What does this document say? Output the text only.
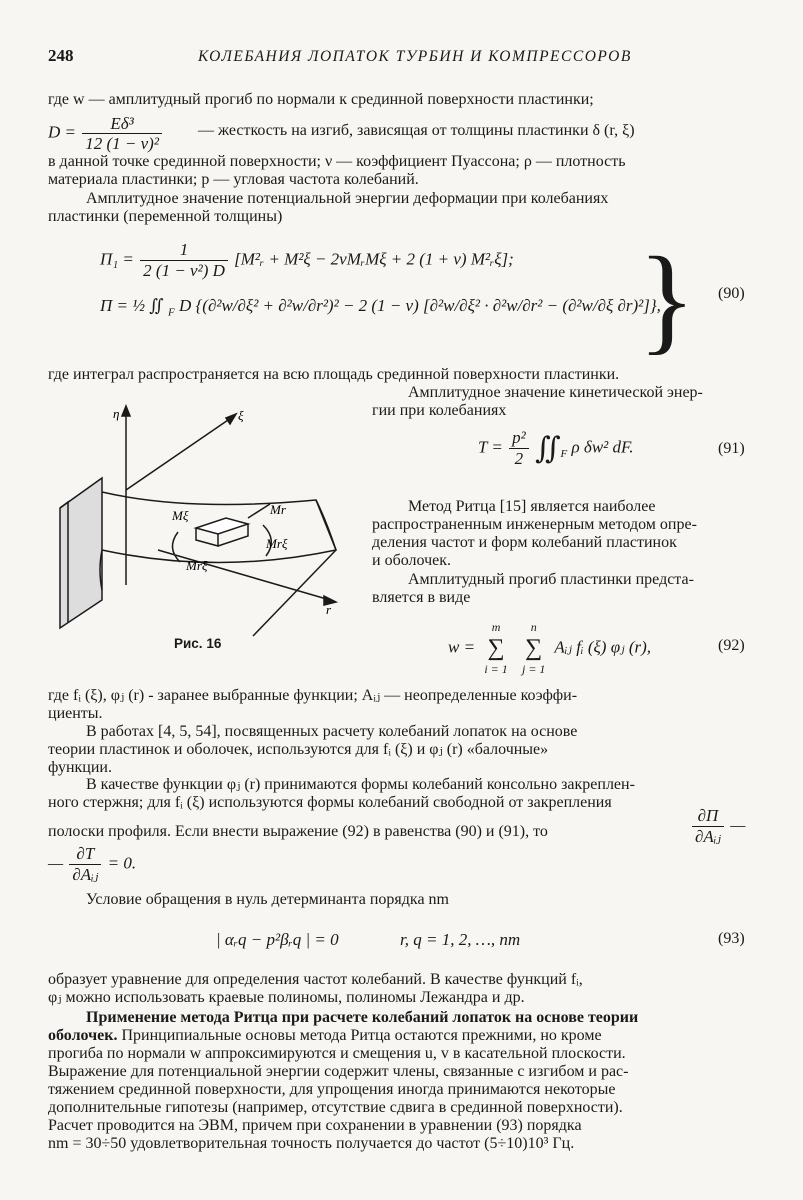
248	КОЛЕБАНИЯ ЛОПАТОК ТУРБИН И КОМПРЕССОРОВ
где w — амплитудный прогиб по нормали к срединной поверхности пластинки;
$D = \frac{\text{Eδ³}}{\text{12 (1 − ν)²}}$ — жесткость на изгиб, зависящая от толщины пластинки δ (r, ξ)
в данной точке срединной поверхности; ν — коэффициент Пуассона; ρ — плотность
материала пластинки; p — угловая частота колебаний.
Амплитудное значение потенциальной энергии деформации при колебаниях
пластинки (переменной толщины)
$\Pi_1 = \frac{1}{\text{2 (1 − ν²) D}}$ [M²ᵣ + M²ξ − 2νMᵣMξ + 2 (1 + ν) M²ᵣξ];
Π = ½ ∬ $_F$ D {(∂²w/∂ξ² + ∂²w/∂r²)² − 2 (1 − ν) [∂²w/∂ξ² · ∂²w/∂r² − (∂²w/∂ξ ∂r)²]},
} (90)
где интеграл распространяется на всю площадь срединной поверхности пластинки.
Амплитудное значение кинетической энер-
гии при колебаниях
η	ξ
r
Mξ	Mr
Mrξ
Mrξ
Рис. 16
$T = \frac{\text{p²}}{2}$ $∬_F$ ρ δw² dF.	(91)
Метод Ритца [15] является наиболее
распространенным инженерным методом опре-
деления частот и форм колебаний пластинок
и оболочек.
Амплитудный прогиб пластинки предста-
вляется в виде
w =
m
∑
i = 1

n
∑
j = 1
Aᵢⱼ fᵢ (ξ) φⱼ (r),	(92)
где fᵢ (ξ), φⱼ (r) - заранее выбранные функции; Aᵢⱼ — неопределенные коэффи-
циенты.
В работах [4, 5, 54], посвященных расчету колебаний лопаток на основе
теории пластинок и оболочек, используются для fᵢ (ξ) и φⱼ (r) «балочные»
функции.
В качестве функции φⱼ (r) принимаются формы колебаний консольно закреплен-
ного стержня; для fᵢ (ξ) используются формы колебаний свободной от закрепления
полоски профиля. Если внести выражение (92) в равенства (90) и (91), то	$\frac{\partial\Pi}{\text{∂Aᵢⱼ}}$ —
— $\frac{\partial T}{\text{∂Aᵢⱼ}} = 0$.
Условие обращения в нуль детерминанта порядка nm
| αᵣq − p²βᵣq | = 0	r, q = 1, 2, …, nm	(93)
образует уравнение для определения частот колебаний. В качестве функций fᵢ,
φⱼ можно использовать краевые полиномы, полиномы Лежандра и др.
Применение метода Ритца при расчете колебаний лопаток на основе теории
оболочек. Принципиальные основы метода Ритца остаются прежними, но кроме
прогиба по нормали w аппроксимируются и смещения u, v в касательной плоскости.
Выражение для потенциальной энергии содержит члены, связанные с изгибом и рас-
тяжением срединной поверхности, для упрощения иногда принимаются некоторые
дополнительные гипотезы (например, отсутствие сдвига в срединной поверхности).
Расчет проводится на ЭВМ, причем при сохранении в уравнении (93) порядка
nm = 30÷50 удовлетворительная точность получается до частот (5÷10)10³ Гц.
